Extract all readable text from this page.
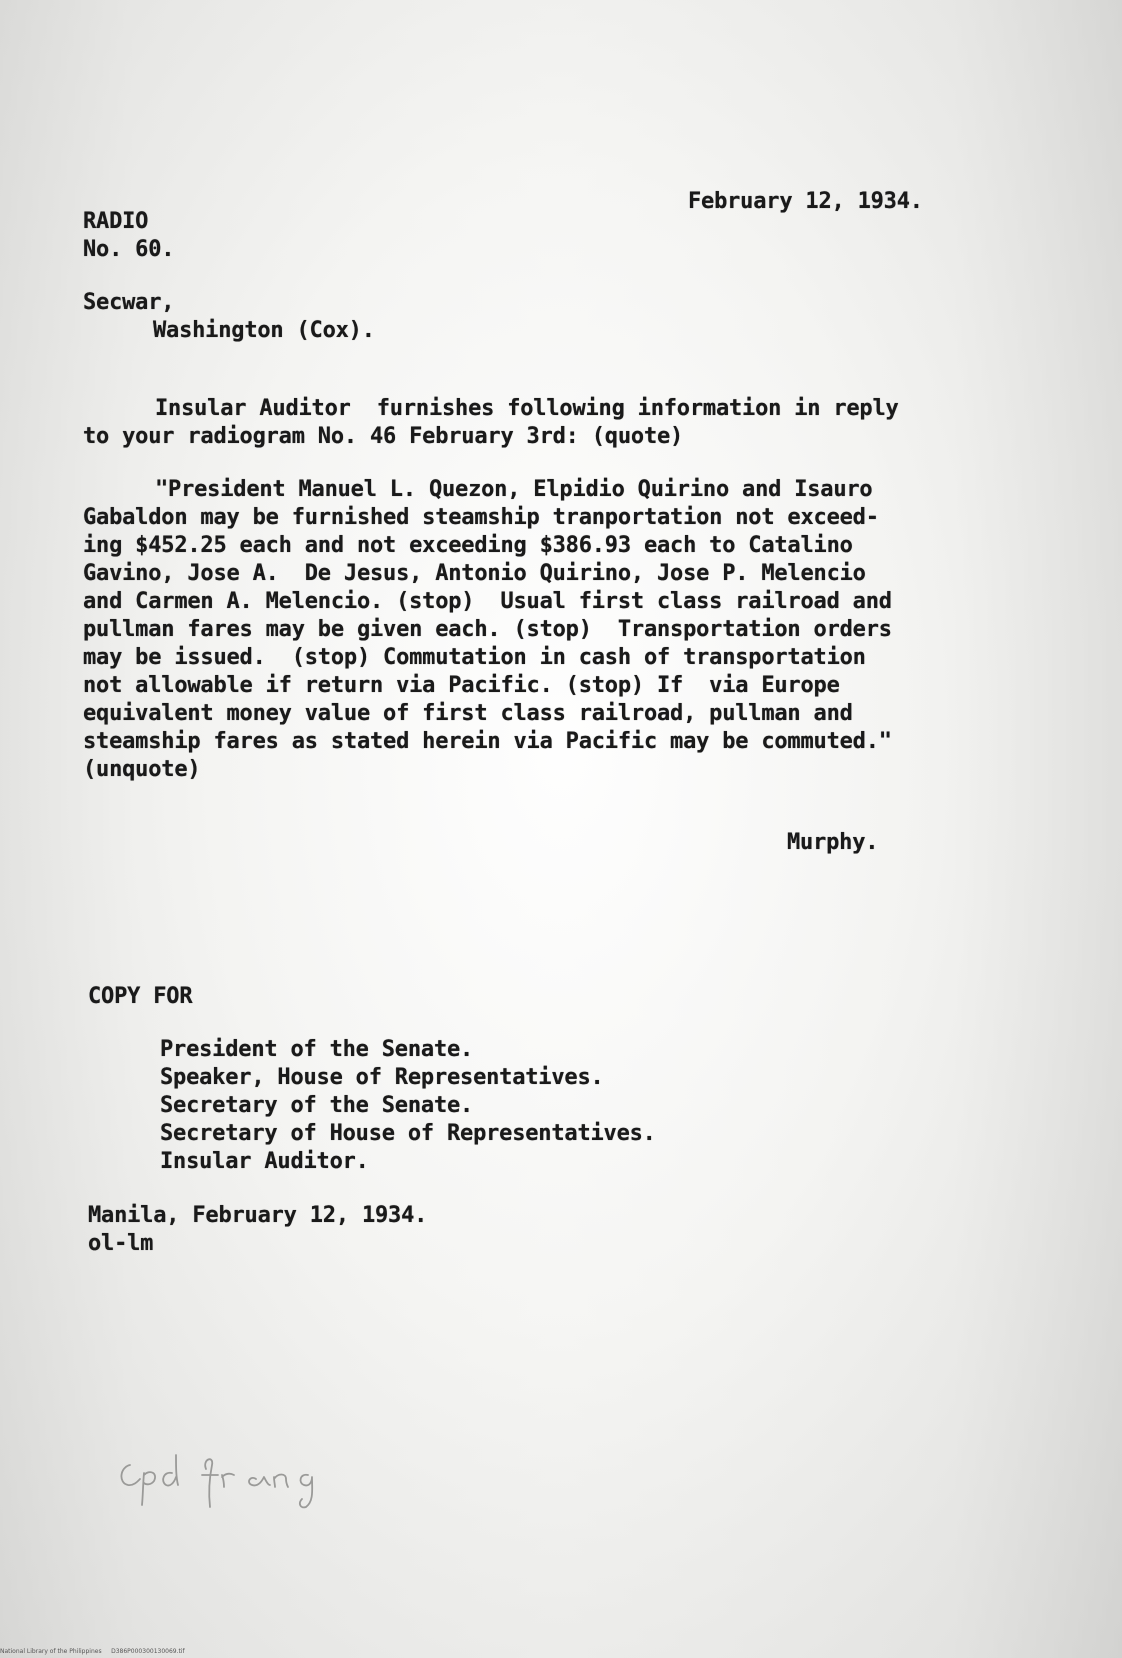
February 12, 1934.
RADIO
No. 60.
Secwar,
Washington (Cox).
Insular Auditor  furnishes following information in reply
to your radiogram No. 46 February 3rd: (quote)
"President Manuel L. Quezon, Elpidio Quirino and Isauro
Gabaldon may be furnished steamship tranportation not exceed-
ing $452.25 each and not exceeding $386.93 each to Catalino
Gavino, Jose A.  De Jesus, Antonio Quirino, Jose P. Melencio
and Carmen A. Melencio. (stop)  Usual first class railroad and
pullman fares may be given each. (stop)  Transportation orders
may be issued.  (stop) Commutation in cash of transportation
not allowable if return via Pacific. (stop) If  via Europe
equivalent money value of first class railroad, pullman and
steamship fares as stated herein via Pacific may be commuted."
(unquote)
Murphy.
COPY FOR
President of the Senate.
Speaker, House of Representatives.
Secretary of the Senate.
Secretary of House of Representatives.
Insular Auditor.
Manila, February 12, 1934.
ol-lm
National Library of the Philippines     D386P000300130069.tif
